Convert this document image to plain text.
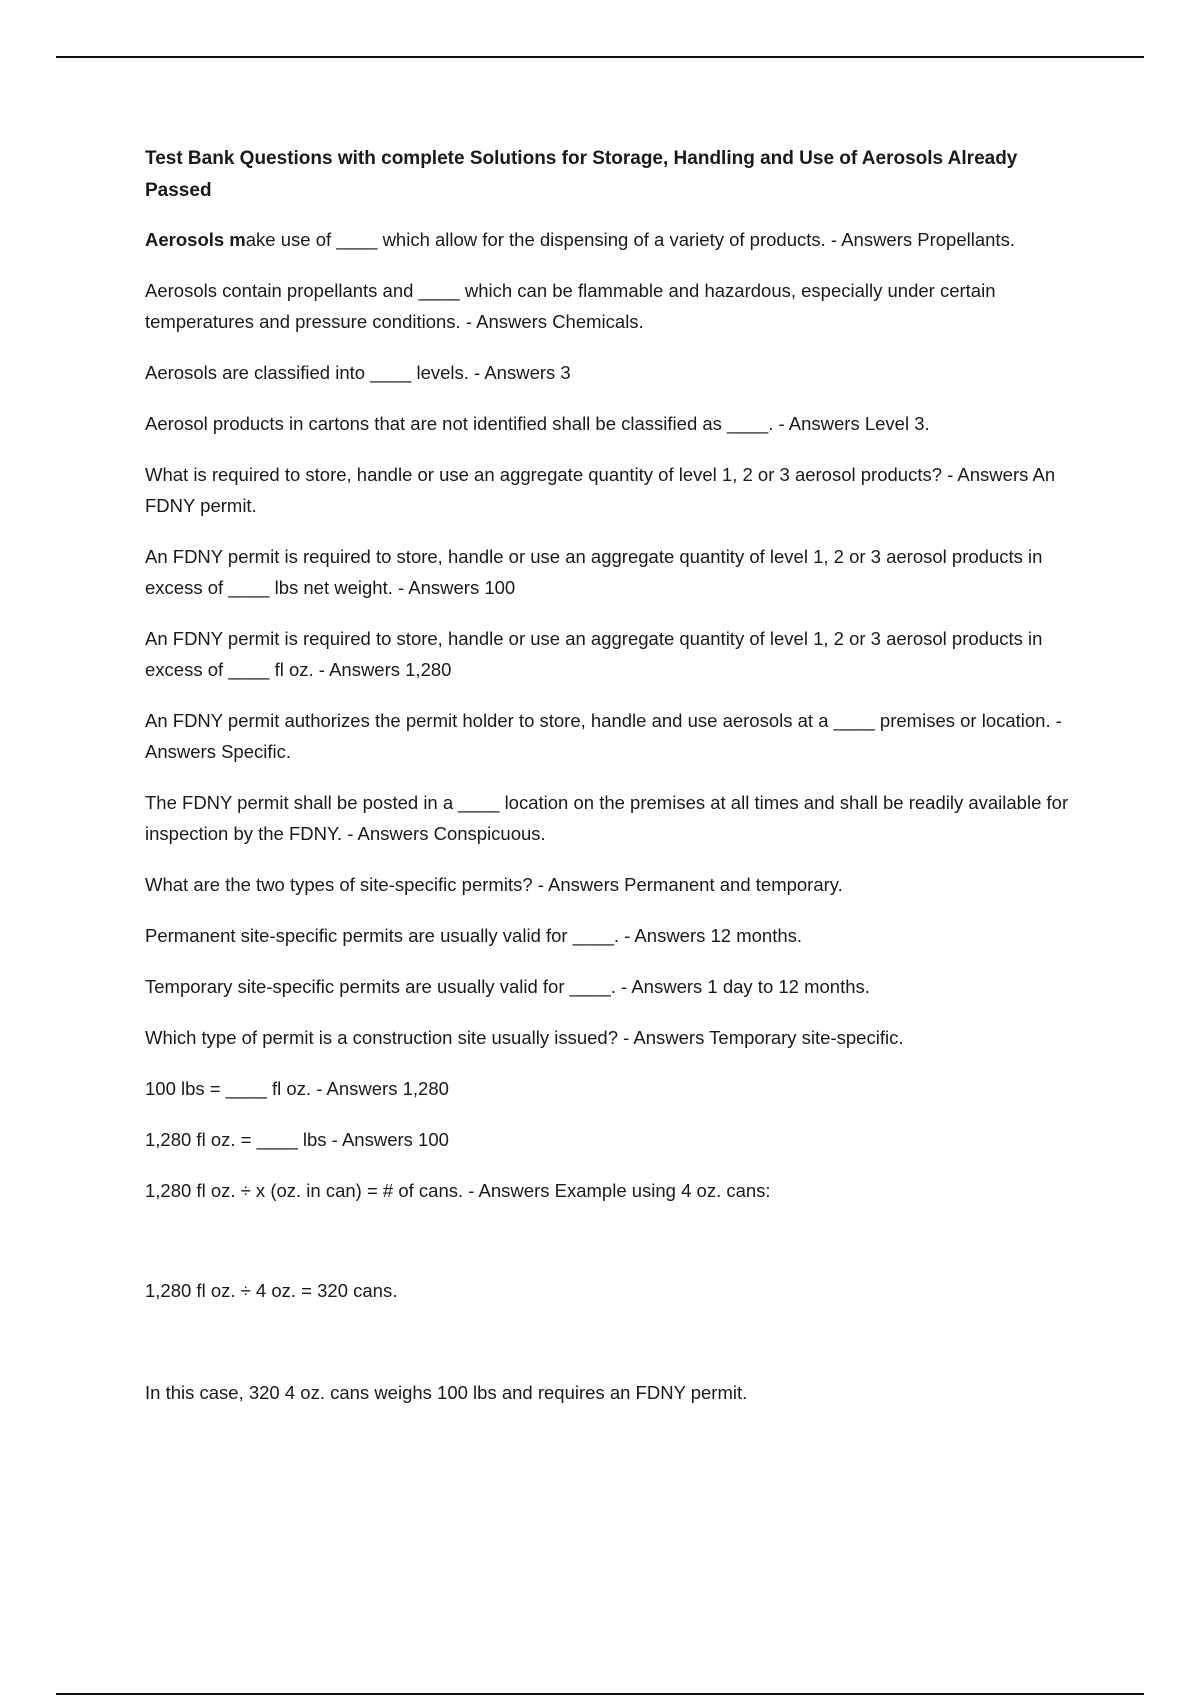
Test Bank Questions with complete Solutions for Storage, Handling and Use of Aerosols Already Passed
Aerosols make use of ____ which allow for the dispensing of a variety of products. - Answers Propellants.
Aerosols contain propellants and ____ which can be flammable and hazardous, especially under certain temperatures and pressure conditions. - Answers Chemicals.
Aerosols are classified into ____ levels. - Answers 3
Aerosol products in cartons that are not identified shall be classified as ____. - Answers Level 3.
What is required to store, handle or use an aggregate quantity of level 1, 2 or 3 aerosol products? - Answers An FDNY permit.
An FDNY permit is required to store, handle or use an aggregate quantity of level 1, 2 or 3 aerosol products in excess of ____ lbs net weight. - Answers 100
An FDNY permit is required to store, handle or use an aggregate quantity of level 1, 2 or 3 aerosol products in excess of ____ fl oz. - Answers 1,280
An FDNY permit authorizes the permit holder to store, handle and use aerosols at a ____ premises or location. - Answers Specific.
The FDNY permit shall be posted in a ____ location on the premises at all times and shall be readily available for inspection by the FDNY. - Answers Conspicuous.
What are the two types of site-specific permits? - Answers Permanent and temporary.
Permanent site-specific permits are usually valid for ____. - Answers 12 months.
Temporary site-specific permits are usually valid for ____. - Answers 1 day to 12 months.
Which type of permit is a construction site usually issued? - Answers Temporary site-specific.
100 lbs = ____ fl oz. - Answers 1,280
1,280 fl oz. = ____ lbs - Answers 100
1,280 fl oz. ÷ x (oz. in can) = # of cans. - Answers Example using 4 oz. cans:
1,280 fl oz. ÷ 4 oz. = 320 cans.
In this case, 320 4 oz. cans weighs 100 lbs and requires an FDNY permit.
